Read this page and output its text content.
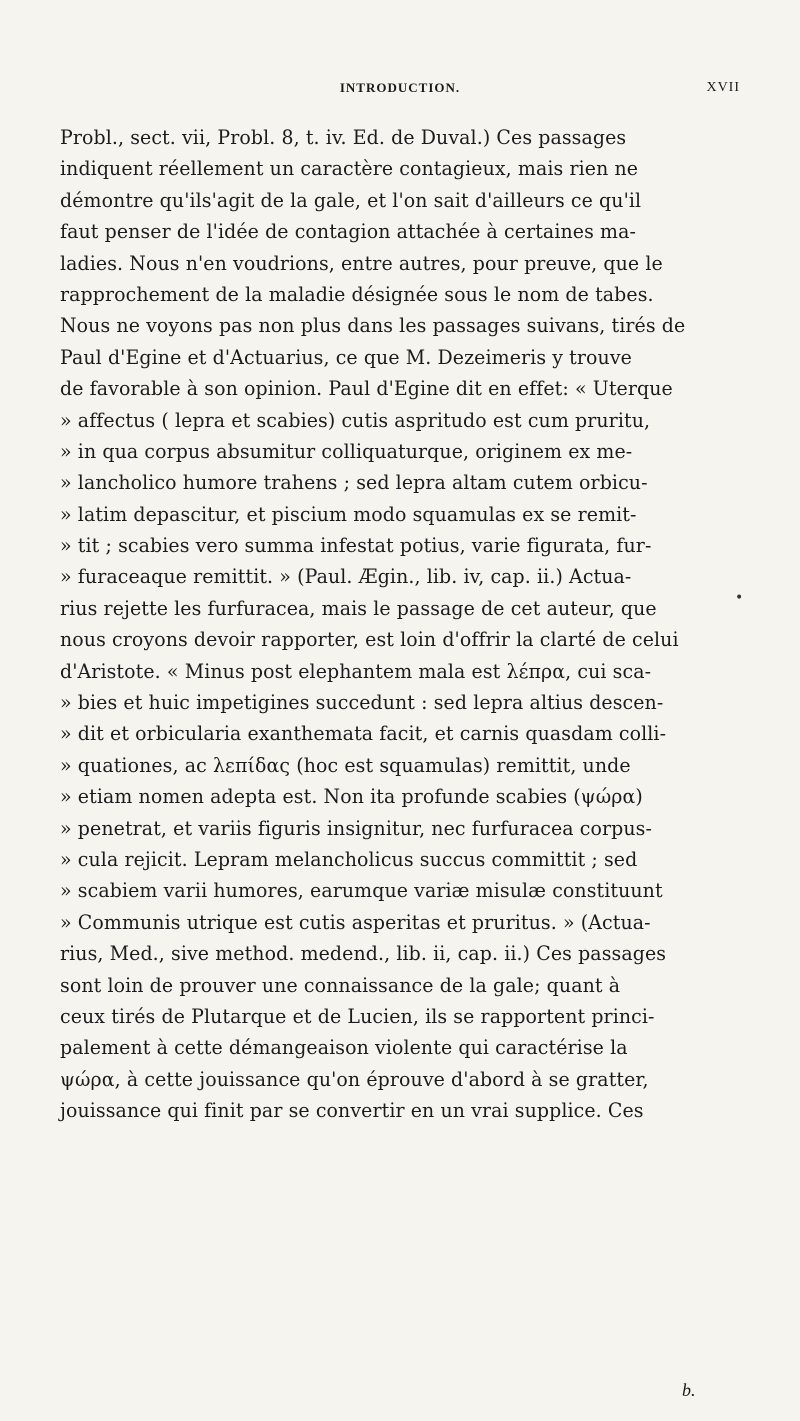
INTRODUCTION.	XVII
Probl., sect. vii, Probl. 8, t. iv. Ed. de Duval.) Ces passages
indiquent réellement un caractère contagieux, mais rien ne
démontre qu'ils'agit de la gale, et l'on sait d'ailleurs ce qu'il
faut penser de l'idée de contagion attachée à certaines ma-
ladies. Nous n'en voudrions, entre autres, pour preuve, que le
rapprochement de la maladie désignée sous le nom de tabes.
Nous ne voyons pas non plus dans les passages suivans, tirés de
Paul d'Egine et d'Actuarius, ce que M. Dezeimeris y trouve
de favorable à son opinion. Paul d'Egine dit en effet: « Uterque
» affectus ( lepra et scabies) cutis aspritudo est cum pruritu,
» in qua corpus absumitur colliquaturque, originem ex me-
» lancholico humore trahens ; sed lepra altam cutem orbicu-
» latim depascitur, et piscium modo squamulas ex se remit-
» tit ; scabies vero summa infestat potius, varie figurata, fur-
» furaceaque remittit. » (Paul. Ægin., lib. iv, cap. ii.) Actua-
rius rejette les furfuracea, mais le passage de cet auteur, que
nous croyons devoir rapporter, est loin d'offrir la clarté de celui
d'Aristote. « Minus post elephantem mala est λέπρα, cui sca-
» bies et huic impetigines succedunt : sed lepra altius descen-
» dit et orbicularia exanthemata facit, et carnis quasdam colli-
» quationes, ac λεπίδας (hoc est squamulas) remittit, unde
» etiam nomen adepta est. Non ita profunde scabies (ψώρα)
» penetrat, et variis figuris insignitur, nec furfuracea corpus-
» cula rejicit. Lepram melancholicus succus committit ; sed
» scabiem varii humores, earumque variæ misulæ constituunt
» Communis utrique est cutis asperitas et pruritus. » (Actua-
rius, Med., sive method. medend., lib. ii, cap. ii.) Ces passages
sont loin de prouver une connaissance de la gale; quant à
ceux tirés de Plutarque et de Lucien, ils se rapportent princi-
palement à cette démangeaison violente qui caractérise la
ψώρα, à cette jouissance qu'on éprouve d'abord à se gratter,
jouissance qui finit par se convertir en un vrai supplice. Ces
•
b.
